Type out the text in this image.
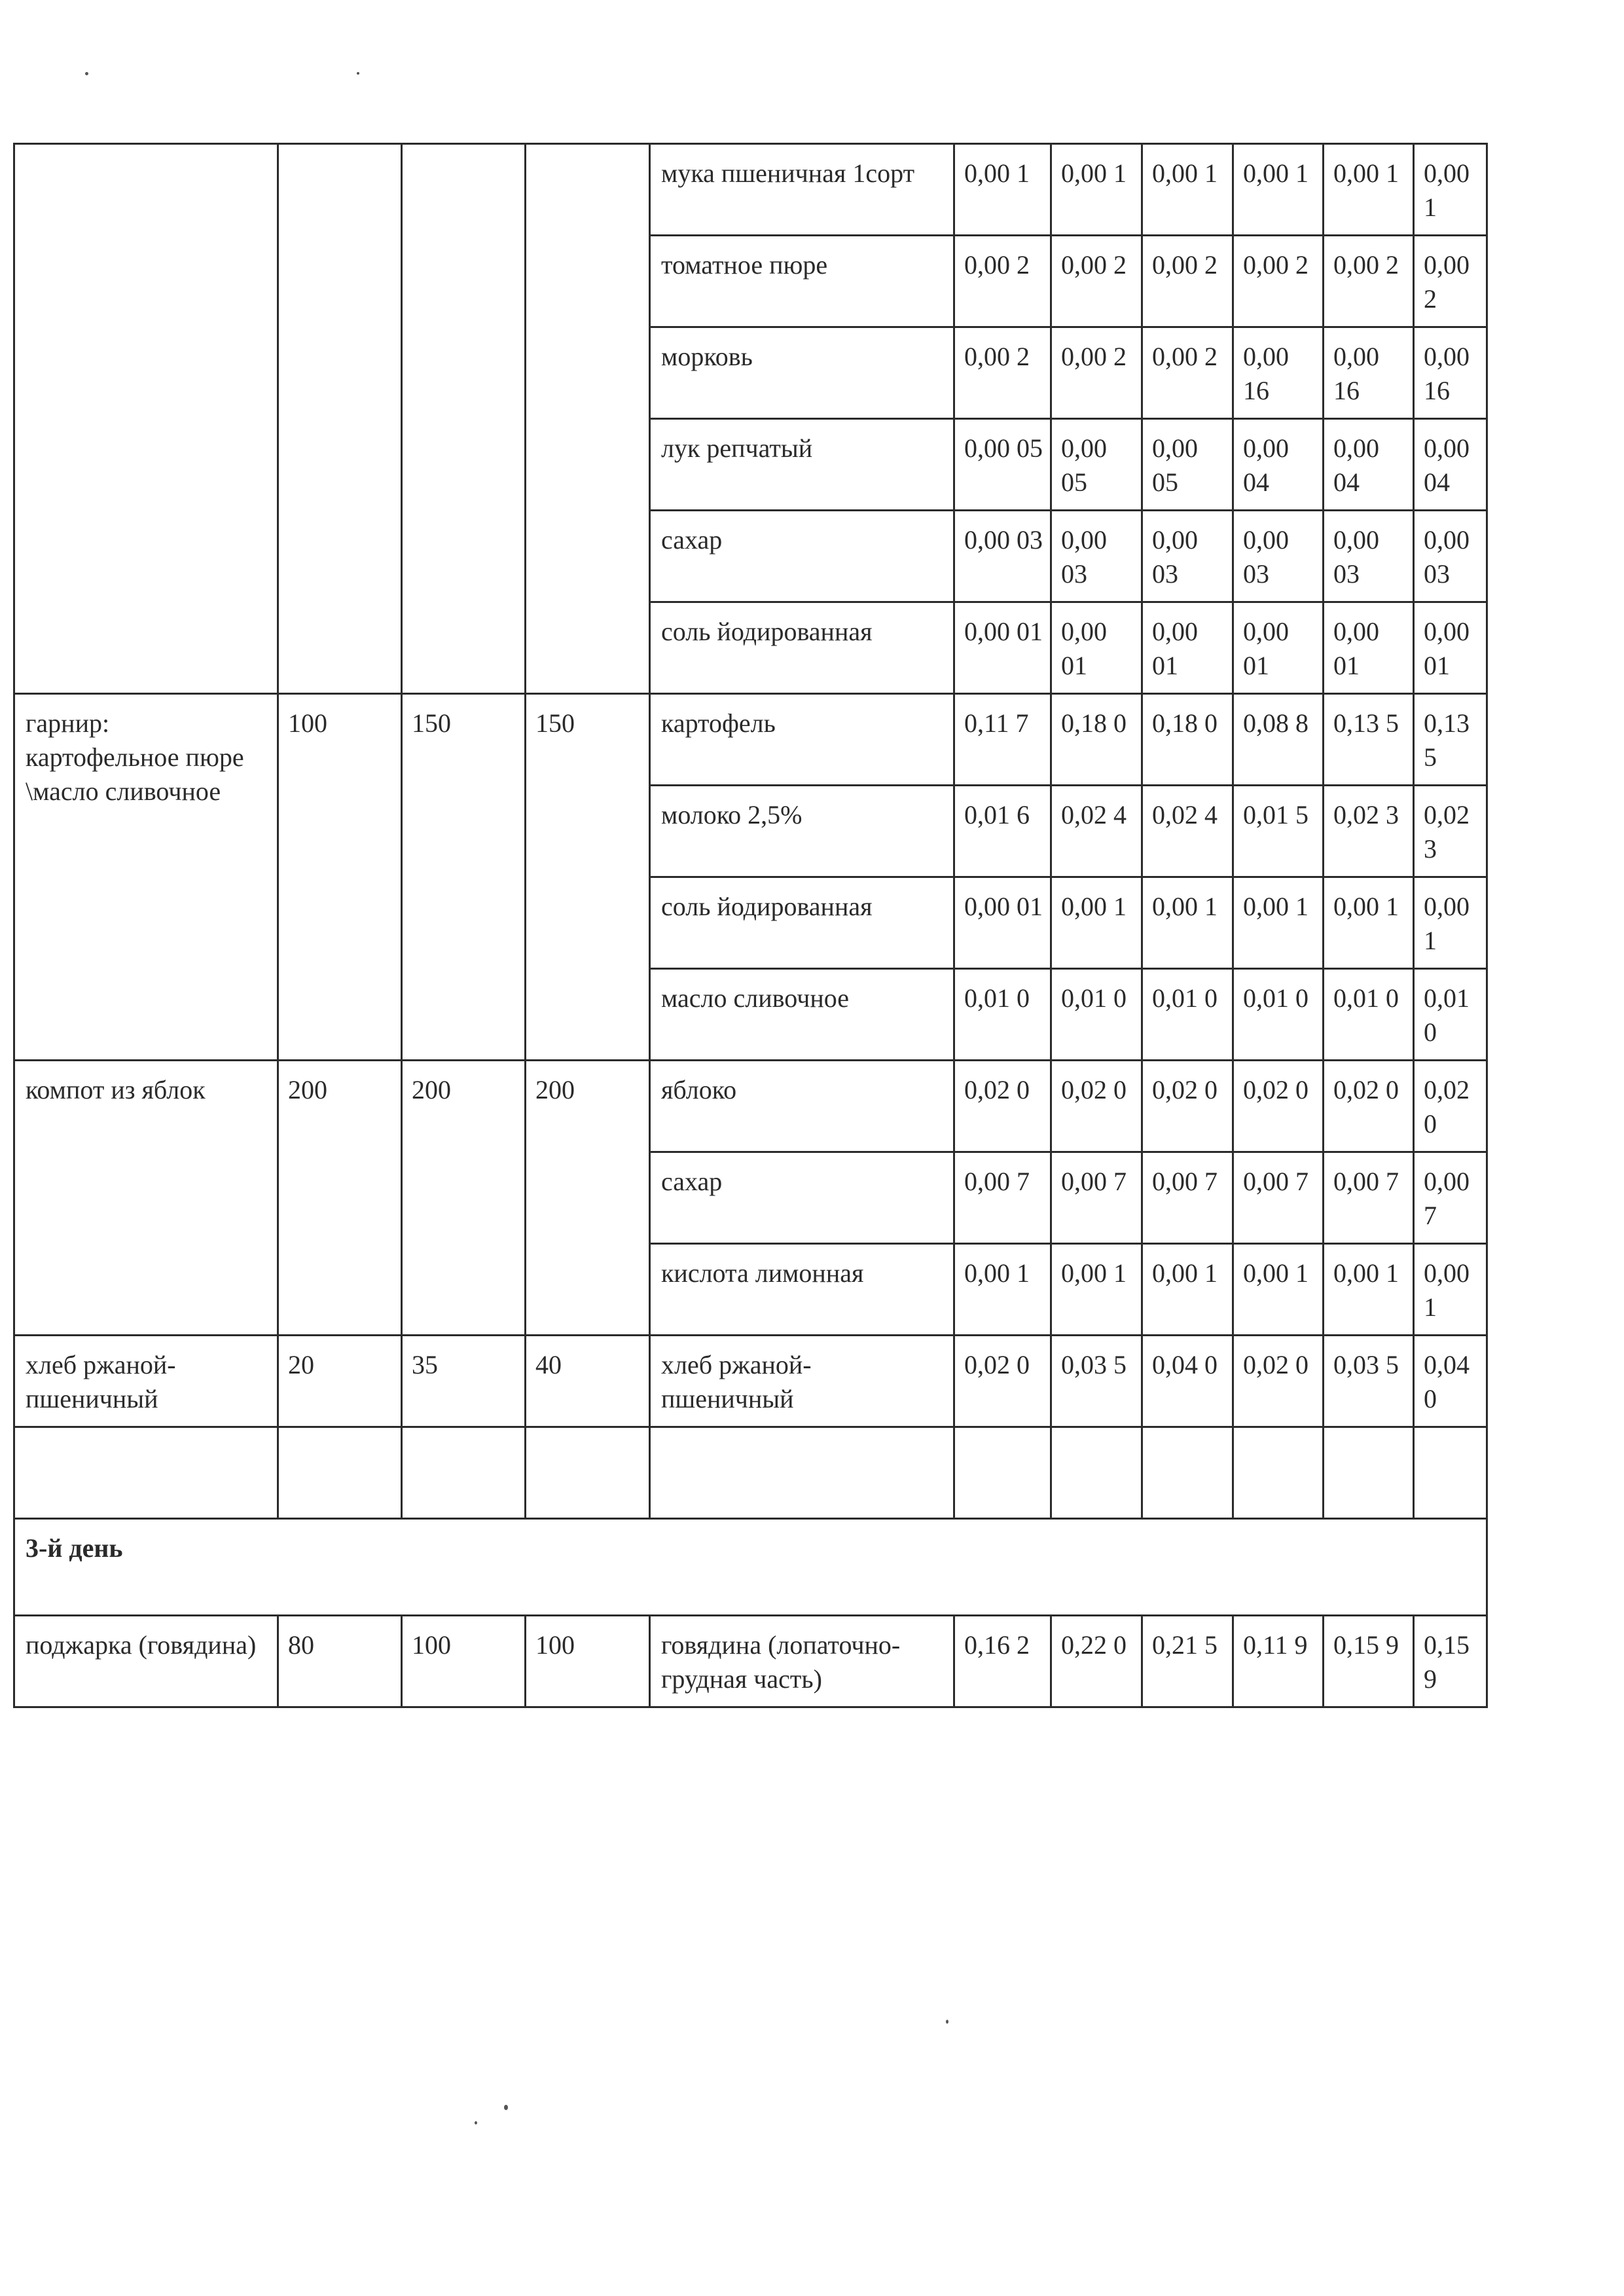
				мука пшеничная 1сорт	0,00 1	0,00 1	0,00 1	0,00 1	0,00 1	0,00 1
				томатное пюре	0,00 2	0,00 2	0,00 2	0,00 2	0,00 2	0,00 2
				морковь	0,00 2	0,00 2	0,00 2	0,00 16	0,00 16	0,00 16
				лук репчатый	0,00 05	0,00 05	0,00 05	0,00 04	0,00 04	0,00 04
				сахар	0,00 03	0,00 03	0,00 03	0,00 03	0,00 03	0,00 03
				соль йодированная	0,00 01	0,00 01	0,00 01	0,00 01	0,00 01	0,00 01
гарнир: картофельное пюре \масло сливочное	100	150	150	картофель	0,11 7	0,18 0	0,18 0	0,08 8	0,13 5	0,13 5
				молоко 2,5%	0,01 6	0,02 4	0,02 4	0,01 5	0,02 3	0,02 3
				соль йодированная	0,00 01	0,00 1	0,00 1	0,00 1	0,00 1	0,00 1
				масло сливочное	0,01 0	0,01 0	0,01 0	0,01 0	0,01 0	0,01 0
компот из яблок	200	200	200	яблоко	0,02 0	0,02 0	0,02 0	0,02 0	0,02 0	0,02 0
				сахар	0,00 7	0,00 7	0,00 7	0,00 7	0,00 7	0,00 7
				кислота лимонная	0,00 1	0,00 1	0,00 1	0,00 1	0,00 1	0,00 1
хлеб ржаной-пшеничный	20	35	40	хлеб ржаной-пшеничный	0,02 0	0,03 5	0,04 0	0,02 0	0,03 5	0,04 0

3-й день										
поджарка (говядина)	80	100	100	говядина (лопаточно-грудная часть)	0,16 2	0,22 0	0,21 5	0,11 9	0,15 9	0,15 9
